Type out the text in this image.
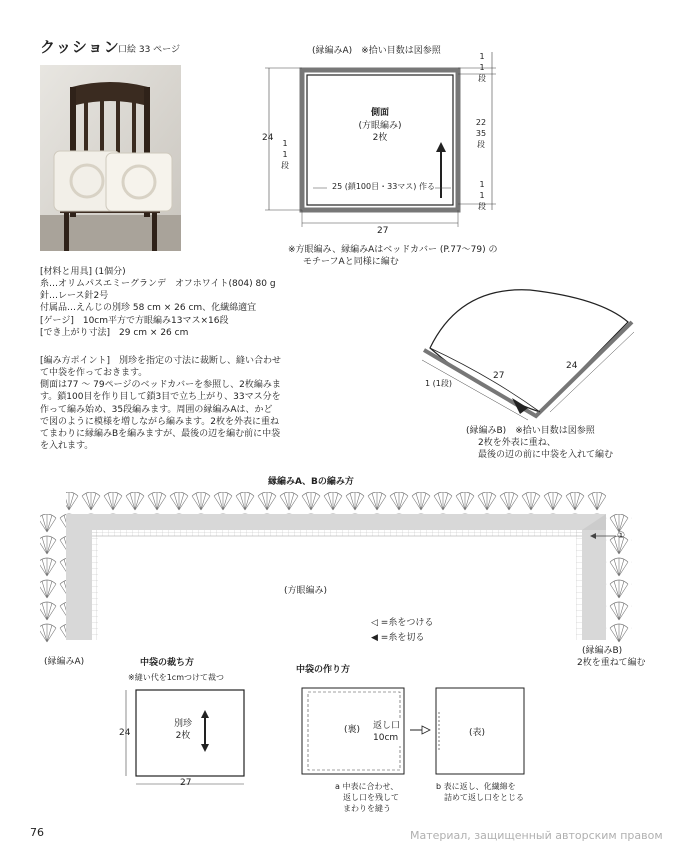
クッション
口絵 33 ページ
[材料と用具] (1個分)
糸…オリムパスエミーグランデ　オフホワイト(804) 80 g
針…レース針2号
付属品…えんじの別珍 58 cm × 26 cm、化繊綿適宜
[ゲージ]　10cm平方で方眼編み13マス×16段
[でき上がり寸法]　29 cm × 26 cm
[編み方ポイント]　別珍を指定の寸法に裁断し、縫い合わせ
て中袋を作っておきます。
側面は77 ～ 79ページのベッドカバーを参照し、2枚編みま
す。鎖100目を作り目して鎖3目で立ち上がり、33マス分を
作って編み始め、35段編みます。周囲の縁編みAは、かど
で図のように模様を増しながら編みます。2枚を外表に重ね
てまわりに縁編みBを編みますが、最後の辺を編む前に中袋
を入れます。
(縁編みA)　※拾い目数は図参照
側面
(方眼編み)
2枚
25 (鎖100目・33マス) 作る
27
24
1
1
段
1
1
段
22
35
段
1
1
段
※方眼編み、縁編みAはベッドカバー (P.77～79) の
モチーフAと同様に編む
24
27
1 (1段)
(縁編みB)　※拾い目数は図参照
2枚を外表に重ね、
最後の辺の前に中袋を入れて編む
縁編みA、Bの編み方
①
(方眼編み)
◁ =糸をつける
◀ =糸を切る
(縁編みA)
(縁編みB)
2枚を重ねて編む
中袋の裁ち方
※縫い代を1cmつけて裁つ
別珍
2枚
24
27
中袋の作り方
(裏) 返し口
10cm	(表)
a 中表に合わせ、
返し口を残して
まわりを縫う
b 表に返し、化繊綿を
詰めて返し口をとじる
76	Материал, защищенный авторским правом
